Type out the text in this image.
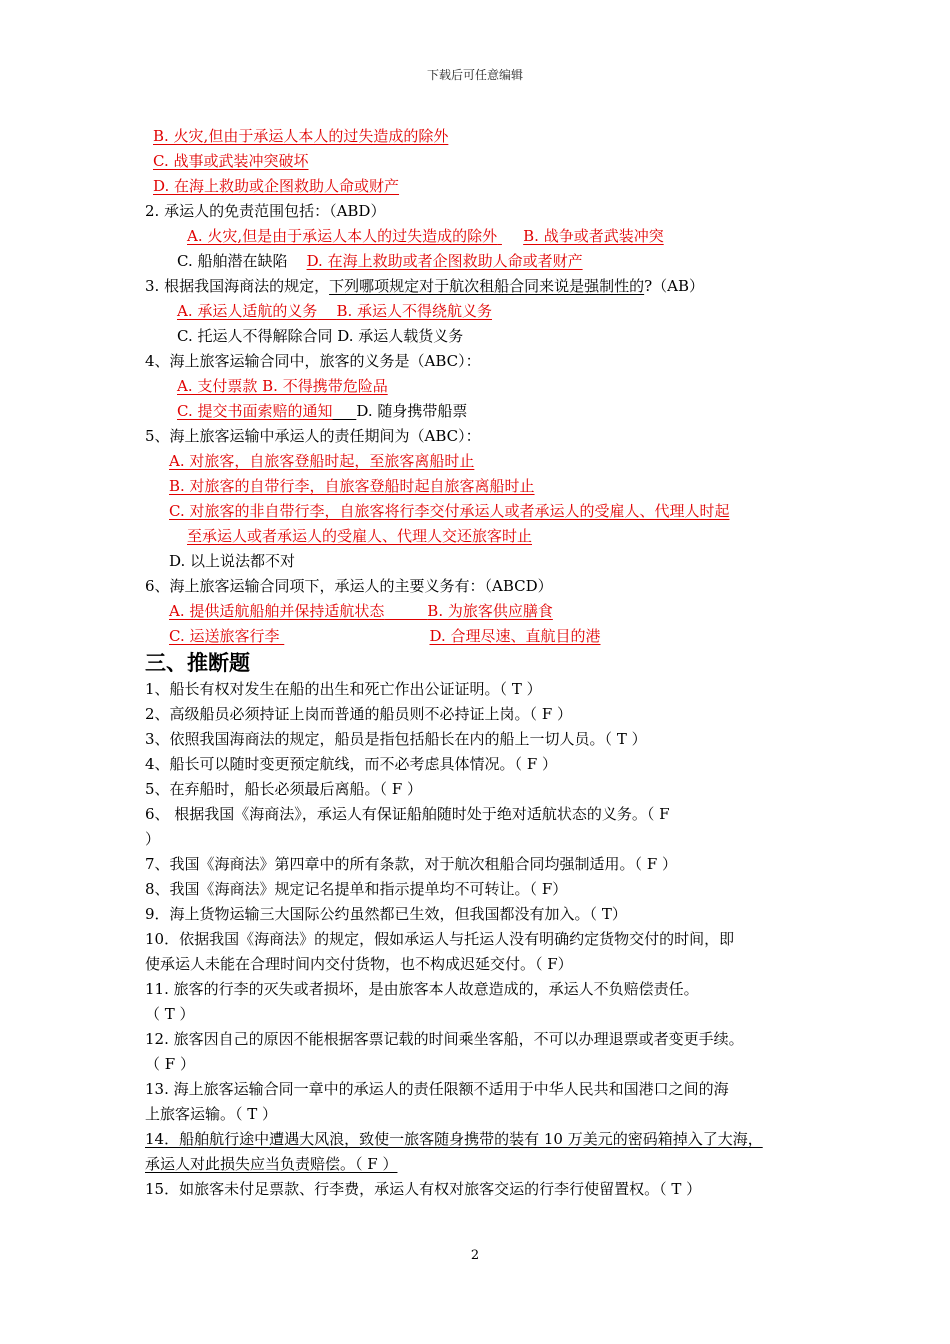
下载后可任意编辑
B. 火灾,但由于承运人本人的过失造成的除外
C. 战事或武装冲突破坏
D. 在海上救助或企图救助人命或财产
2. 承运人的免责范围包括：（ABD）
A. 火灾,但是由于承运人本人的过失造成的除外 B. 战争或者武装冲突
C. 船舶潜在缺陷 D. 在海上救助或者企图救助人命或者财产
3. 根据我国海商法的规定，下列哪项规定对于航次租船合同来说是强制性的?（AB）
A. 承运人适航的义务 B. 承运人不得绕航义务
C. 托运人不得解除合同 D. 承运人载货义务
4、海上旅客运输合同中，旅客的义务是（ABC）：
A. 支付票款 B. 不得携带危险品
C. 提交书面索赔的通知 D. 随身携带船票
5、海上旅客运输中承运人的责任期间为（ABC）：
A. 对旅客，自旅客登船时起，至旅客离船时止
B. 对旅客的自带行李，自旅客登船时起自旅客离船时止
C. 对旅客的非自带行李，自旅客将行李交付承运人或者承运人的受雇人、代理人时起
至承运人或者承运人的受雇人、代理人交还旅客时止
D. 以上说法都不对
6、海上旅客运输合同项下，承运人的主要义务有：（ABCD）
A. 提供适航船舶并保持适航状态	B. 为旅客供应膳食
C. 运送旅客行李	D. 合理尽速、直航目的港
三、推断题
1、船长有权对发生在船的出生和死亡作出公证证明。（ T ）
2、高级船员必须持证上岗而普通的船员则不必持证上岗。（ F ）
3、依照我国海商法的规定，船员是指包括船长在内的船上一切人员。（ T ）
4、船长可以随时变更预定航线，而不必考虑具体情况。（ F ）
5、在弃船时，船长必须最后离船。（ F ）
6、 根据我国《海商法》，承运人有保证船舶随时处于绝对适航状态的义务。（ F
）
7、我国《海商法》第四章中的所有条款，对于航次租船合同均强制适用。（ F ）
8、我国《海商法》规定记名提单和指示提单均不可转让。（ F）
9．海上货物运输三大国际公约虽然都已生效，但我国都没有加入。（ T）
10．依据我国《海商法》的规定，假如承运人与托运人没有明确约定货物交付的时间，即
使承运人未能在合理时间内交付货物，也不构成迟延交付。（ F）
11. 旅客的行李的灭失或者损坏，是由旅客本人故意造成的，承运人不负赔偿责任。
（ T ）
12. 旅客因自己的原因不能根据客票记载的时间乘坐客船，不可以办理退票或者变更手续。
（ F ）
13. 海上旅客运输合同一章中的承运人的责任限额不适用于中华人民共和国港口之间的海
上旅客运输。（ T ）
14．船舶航行途中遭遇大风浪，致使一旅客随身携带的装有 10 万美元的密码箱掉入了大海，
承运人对此损失应当负责赔偿。（ F ）
15．如旅客未付足票款、行李费，承运人有权对旅客交运的行李行使留置权。（ T ）
2
